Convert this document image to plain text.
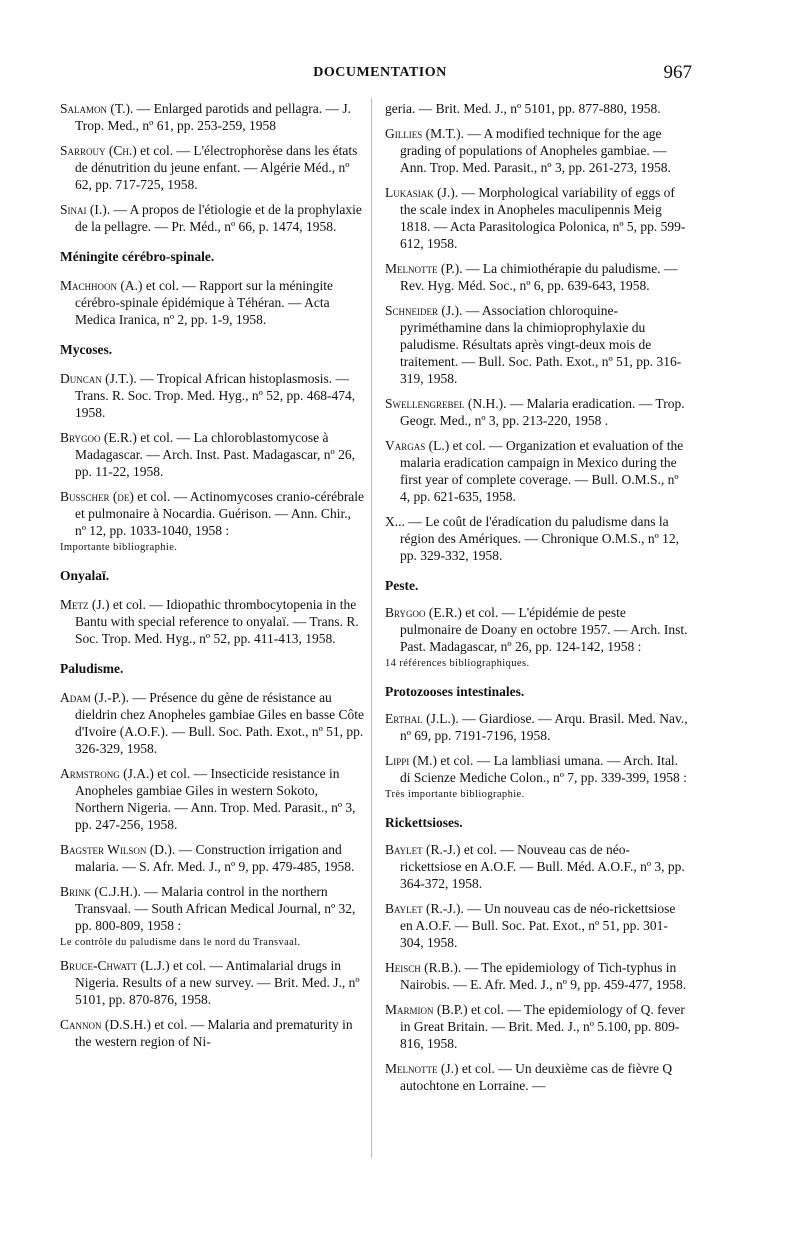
DOCUMENTATION	967
Salamon (T.). — Enlarged parotids and pellagra. — J. Trop. Med., nº 61, pp. 253-259, 1958
Sarrouy (Ch.) et col. — L'électrophorèse dans les états de dénutrition du jeune enfant. — Algérie Méd., nº 62, pp. 717-725, 1958.
Sinai (I.). — A propos de l'étiologie et de la prophylaxie de la pellagre. — Pr. Méd., nº 66, p. 1474, 1958.
Méningite cérébro-spinale.
Machhoon (A.) et col. — Rapport sur la méningite cérébro-spinale épidémique à Téhéran. — Acta Medica Iranica, nº 2, pp. 1-9, 1958.
Mycoses.
Duncan (J.T.). — Tropical African histoplasmosis. — Trans. R. Soc. Trop. Med. Hyg., nº 52, pp. 468-474, 1958.
Brygoo (E.R.) et col. — La chloroblastomycose à Madagascar. — Arch. Inst. Past. Madagascar, nº 26, pp. 11-22, 1958.
Busscher (de) et col. — Actinomycoses cranio-cérébrale et pulmonaire à Nocardia. Guérison. — Ann. Chir., nº 12, pp. 1033-1040, 1958 :
Importante bibliographie.
Onyalaï.
Metz (J.) et col. — Idiopathic thrombocytopenia in the Bantu with special reference to onyalaï. — Trans. R. Soc. Trop. Med. Hyg., nº 52, pp. 411-413, 1958.
Paludisme.
Adam (J.-P.). — Présence du gène de résistance au dieldrin chez Anopheles gambiae Giles en basse Côte d'Ivoire (A.O.F.). — Bull. Soc. Path. Exot., nº 51, pp. 326-329, 1958.
Armstrong (J.A.) et col. — Insecticide resistance in Anopheles gambiae Giles in western Sokoto, Northern Nigeria. — Ann. Trop. Med. Parasit., nº 3, pp. 247-256, 1958.
Bagster Wilson (D.). — Construction irrigation and malaria. — S. Afr. Med. J., nº 9, pp. 479-485, 1958.
Brink (C.J.H.). — Malaria control in the northern Transvaal. — South African Medical Journal, nº 32, pp. 800-809, 1958 :
Le contrôle du paludisme dans le nord du Transvaal.
Bruce-Chwatt (L.J.) et col. — Antimalarial drugs in Nigeria. Results of a new survey. — Brit. Med. J., nº 5101, pp. 870-876, 1958.
Cannon (D.S.H.) et col. — Malaria and prematurity in the western region of Ni-
geria. — Brit. Med. J., nº 5101, pp. 877-880, 1958.
Gillies (M.T.). — A modified technique for the age grading of populations of Anopheles gambiae. — Ann. Trop. Med. Parasit., nº 3, pp. 261-273, 1958.
Lukasiak (J.). — Morphological variability of eggs of the scale index in Anopheles maculipennis Meig 1818. — Acta Parasitologica Polonica, nº 5, pp. 599-612, 1958.
Melnotte (P.). — La chimiothérapie du paludisme. — Rev. Hyg. Méd. Soc., nº 6, pp. 639-643, 1958.
Schneider (J.). — Association chloroquine-pyriméthamine dans la chimioprophylaxie du paludisme. Résultats après vingt-deux mois de traitement. — Bull. Soc. Path. Exot., nº 51, pp. 316-319, 1958.
Swellengrebel (N.H.). — Malaria eradication. — Trop. Geogr. Med., nº 3, pp. 213-220, 1958 .
Vargas (L.) et col. — Organization et evaluation of the malaria eradication campaign in Mexico during the first year of complete coverage. — Bull. O.M.S., nº 4, pp. 621-635, 1958.
X... — Le coût de l'éradication du paludisme dans la région des Amériques. — Chronique O.M.S., nº 12, pp. 329-332, 1958.
Peste.
Brygoo (E.R.) et col. — L'épidémie de peste pulmonaire de Doany en octobre 1957. — Arch. Inst. Past. Madagascar, nº 26, pp. 124-142, 1958 :
14 références bibliographiques.
Protozooses intestinales.
Erthal (J.L.). — Giardiose. — Arqu. Brasil. Med. Nav., nº 69, pp. 7191-7196, 1958.
Lippi (M.) et col. — La lambliasi umana. — Arch. Ital. di Scienze Mediche Colon., nº 7, pp. 339-399, 1958 :
Très importante bibliographie.
Rickettsioses.
Baylet (R.-J.) et col. — Nouveau cas de néo-rickettsiose en A.O.F. — Bull. Méd. A.O.F., nº 3, pp. 364-372, 1958.
Baylet (R.-J.). — Un nouveau cas de néo-rickettsiose en A.O.F. — Bull. Soc. Pat. Exot., nº 51, pp. 301-304, 1958.
Heisch (R.B.). — The epidemiology of Tich-typhus in Nairobis. — E. Afr. Med. J., nº 9, pp. 459-477, 1958.
Marmion (B.P.) et col. — The epidemiology of Q. fever in Great Britain. — Brit. Med. J., nº 5.100, pp. 809-816, 1958.
Melnotte (J.) et col. — Un deuxième cas de fièvre Q autochtone en Lorraine. —
